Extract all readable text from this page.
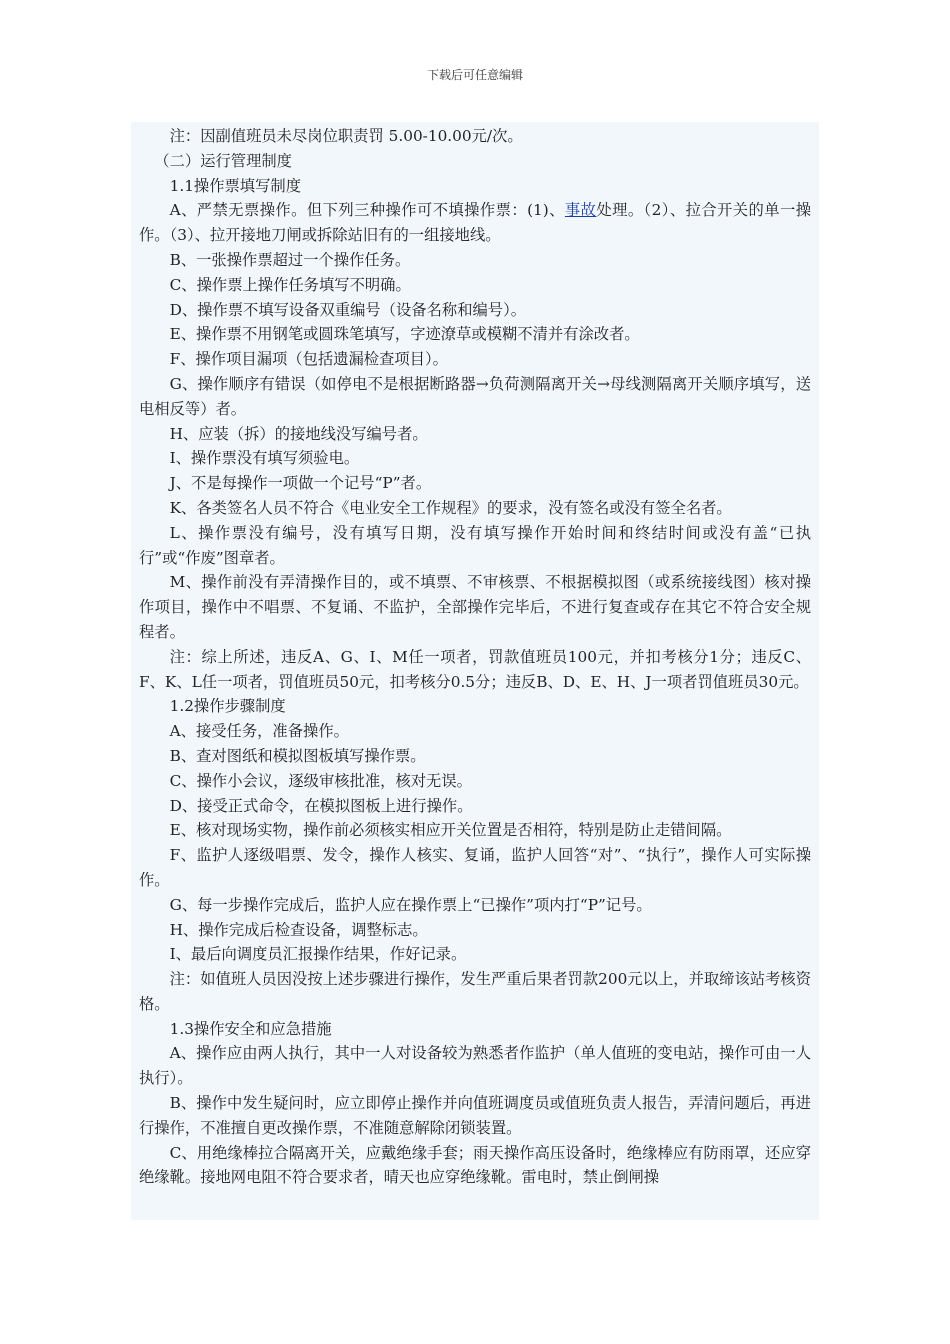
下载后可任意编辑

注：因副值班员未尽岗位职责罚 5.00-10.00元/次。

（二）运行管理制度

1.1操作票填写制度

A、严禁无票操作。但下列三种操作可不填操作票：(1)、事故处理。（2）、拉合开关的单一操作。（3）、拉开接地刀闸或拆除站旧有的一组接地线。

B、一张操作票超过一个操作任务。

C、操作票上操作任务填写不明确。

D、操作票不填写设备双重编号（设备名称和编号）。

E、操作票不用钢笔或圆珠笔填写，字迹潦草或模糊不清并有涂改者。

F、操作项目漏项（包括遗漏检查项目）。

G、操作顺序有错误（如停电不是根据断路器→负荷测隔离开关→母线测隔离开关顺序填写，送电相反等）者。

H、应装（拆）的接地线没写编号者。

I、操作票没有填写须验电。

J、不是每操作一项做一个记号“P”者。

K、各类签名人员不符合《电业安全工作规程》的要求，没有签名或没有签全名者。

L、操作票没有编号，没有填写日期，没有填写操作开始时间和终结时间或没有盖“已执行”或“作废”图章者。

M、操作前没有弄清操作目的，或不填票、不审核票、不根据模拟图（或系统接线图）核对操作项目，操作中不唱票、不复诵、不监护，全部操作完毕后，不进行复查或存在其它不符合安全规程者。

注：综上所述，违反A、G、I、M任一项者，罚款值班员100元，并扣考核分1分；违反C、F、K、L任一项者，罚值班员50元，扣考核分0.5分；违反B、D、E、H、J一项者罚值班员30元。

1.2操作步骤制度

A、接受任务，准备操作。

B、查对图纸和模拟图板填写操作票。

C、操作小会议，逐级审核批准，核对无误。

D、接受正式命令，在模拟图板上进行操作。

E、核对现场实物，操作前必须核实相应开关位置是否相符，特别是防止走错间隔。

F、监护人逐级唱票、发令，操作人核实、复诵，监护人回答“对”、“执行”，操作人可实际操作。

G、每一步操作完成后，监护人应在操作票上“已操作”项内打“P”记号。

H、操作完成后检查设备，调整标志。

I、最后向调度员汇报操作结果，作好记录。

注：如值班人员因没按上述步骤进行操作，发生严重后果者罚款200元以上，并取缔该站考核资格。

1.3操作安全和应急措施

A、操作应由两人执行，其中一人对设备较为熟悉者作监护（单人值班的变电站，操作可由一人执行）。

B、操作中发生疑问时，应立即停止操作并向值班调度员或值班负责人报告，弄清问题后，再进行操作，不准擅自更改操作票，不准随意解除闭锁装置。

C、用绝缘棒拉合隔离开关，应戴绝缘手套；雨天操作高压设备时，绝缘棒应有防雨罩，还应穿绝缘靴。接地网电阻不符合要求者，晴天也应穿绝缘靴。雷电时，禁止倒闸操
